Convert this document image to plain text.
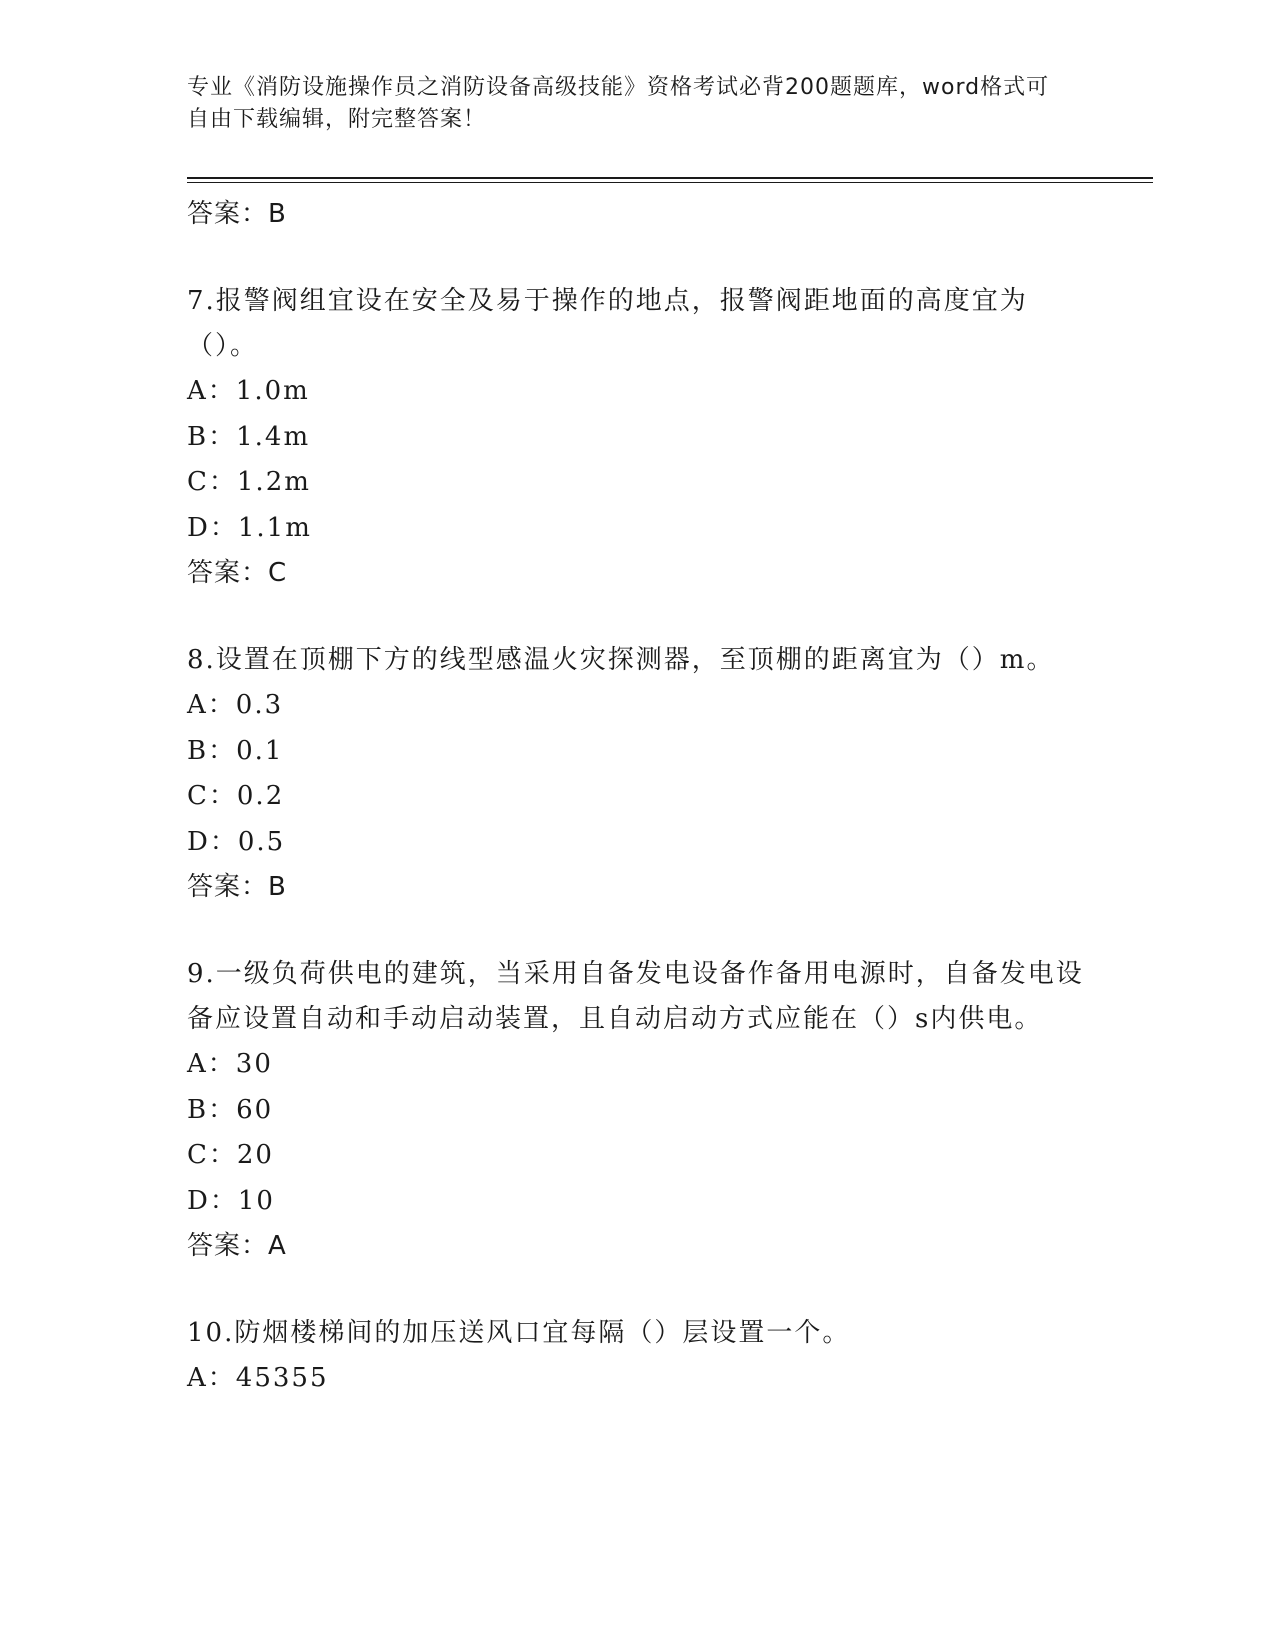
专业《消防设施操作员之消防设备高级技能》资格考试必背200题题库，word格式可自由下载编辑，附完整答案！
答案：B
7.报警阀组宜设在安全及易于操作的地点，报警阀距地面的高度宜为（）。
A：1.0m
B：1.4m
C：1.2m
D：1.1m
答案：C
8.设置在顶棚下方的线型感温火灾探测器，至顶棚的距离宜为（）m。
A：0.3
B：0.1
C：0.2
D：0.5
答案：B
9.一级负荷供电的建筑，当采用自备发电设备作备用电源时，自备发电设备应设置自动和手动启动装置，且自动启动方式应能在（）s内供电。
A：30
B：60
C：20
D：10
答案：A
10.防烟楼梯间的加压送风口宜每隔（）层设置一个。
A：45355
